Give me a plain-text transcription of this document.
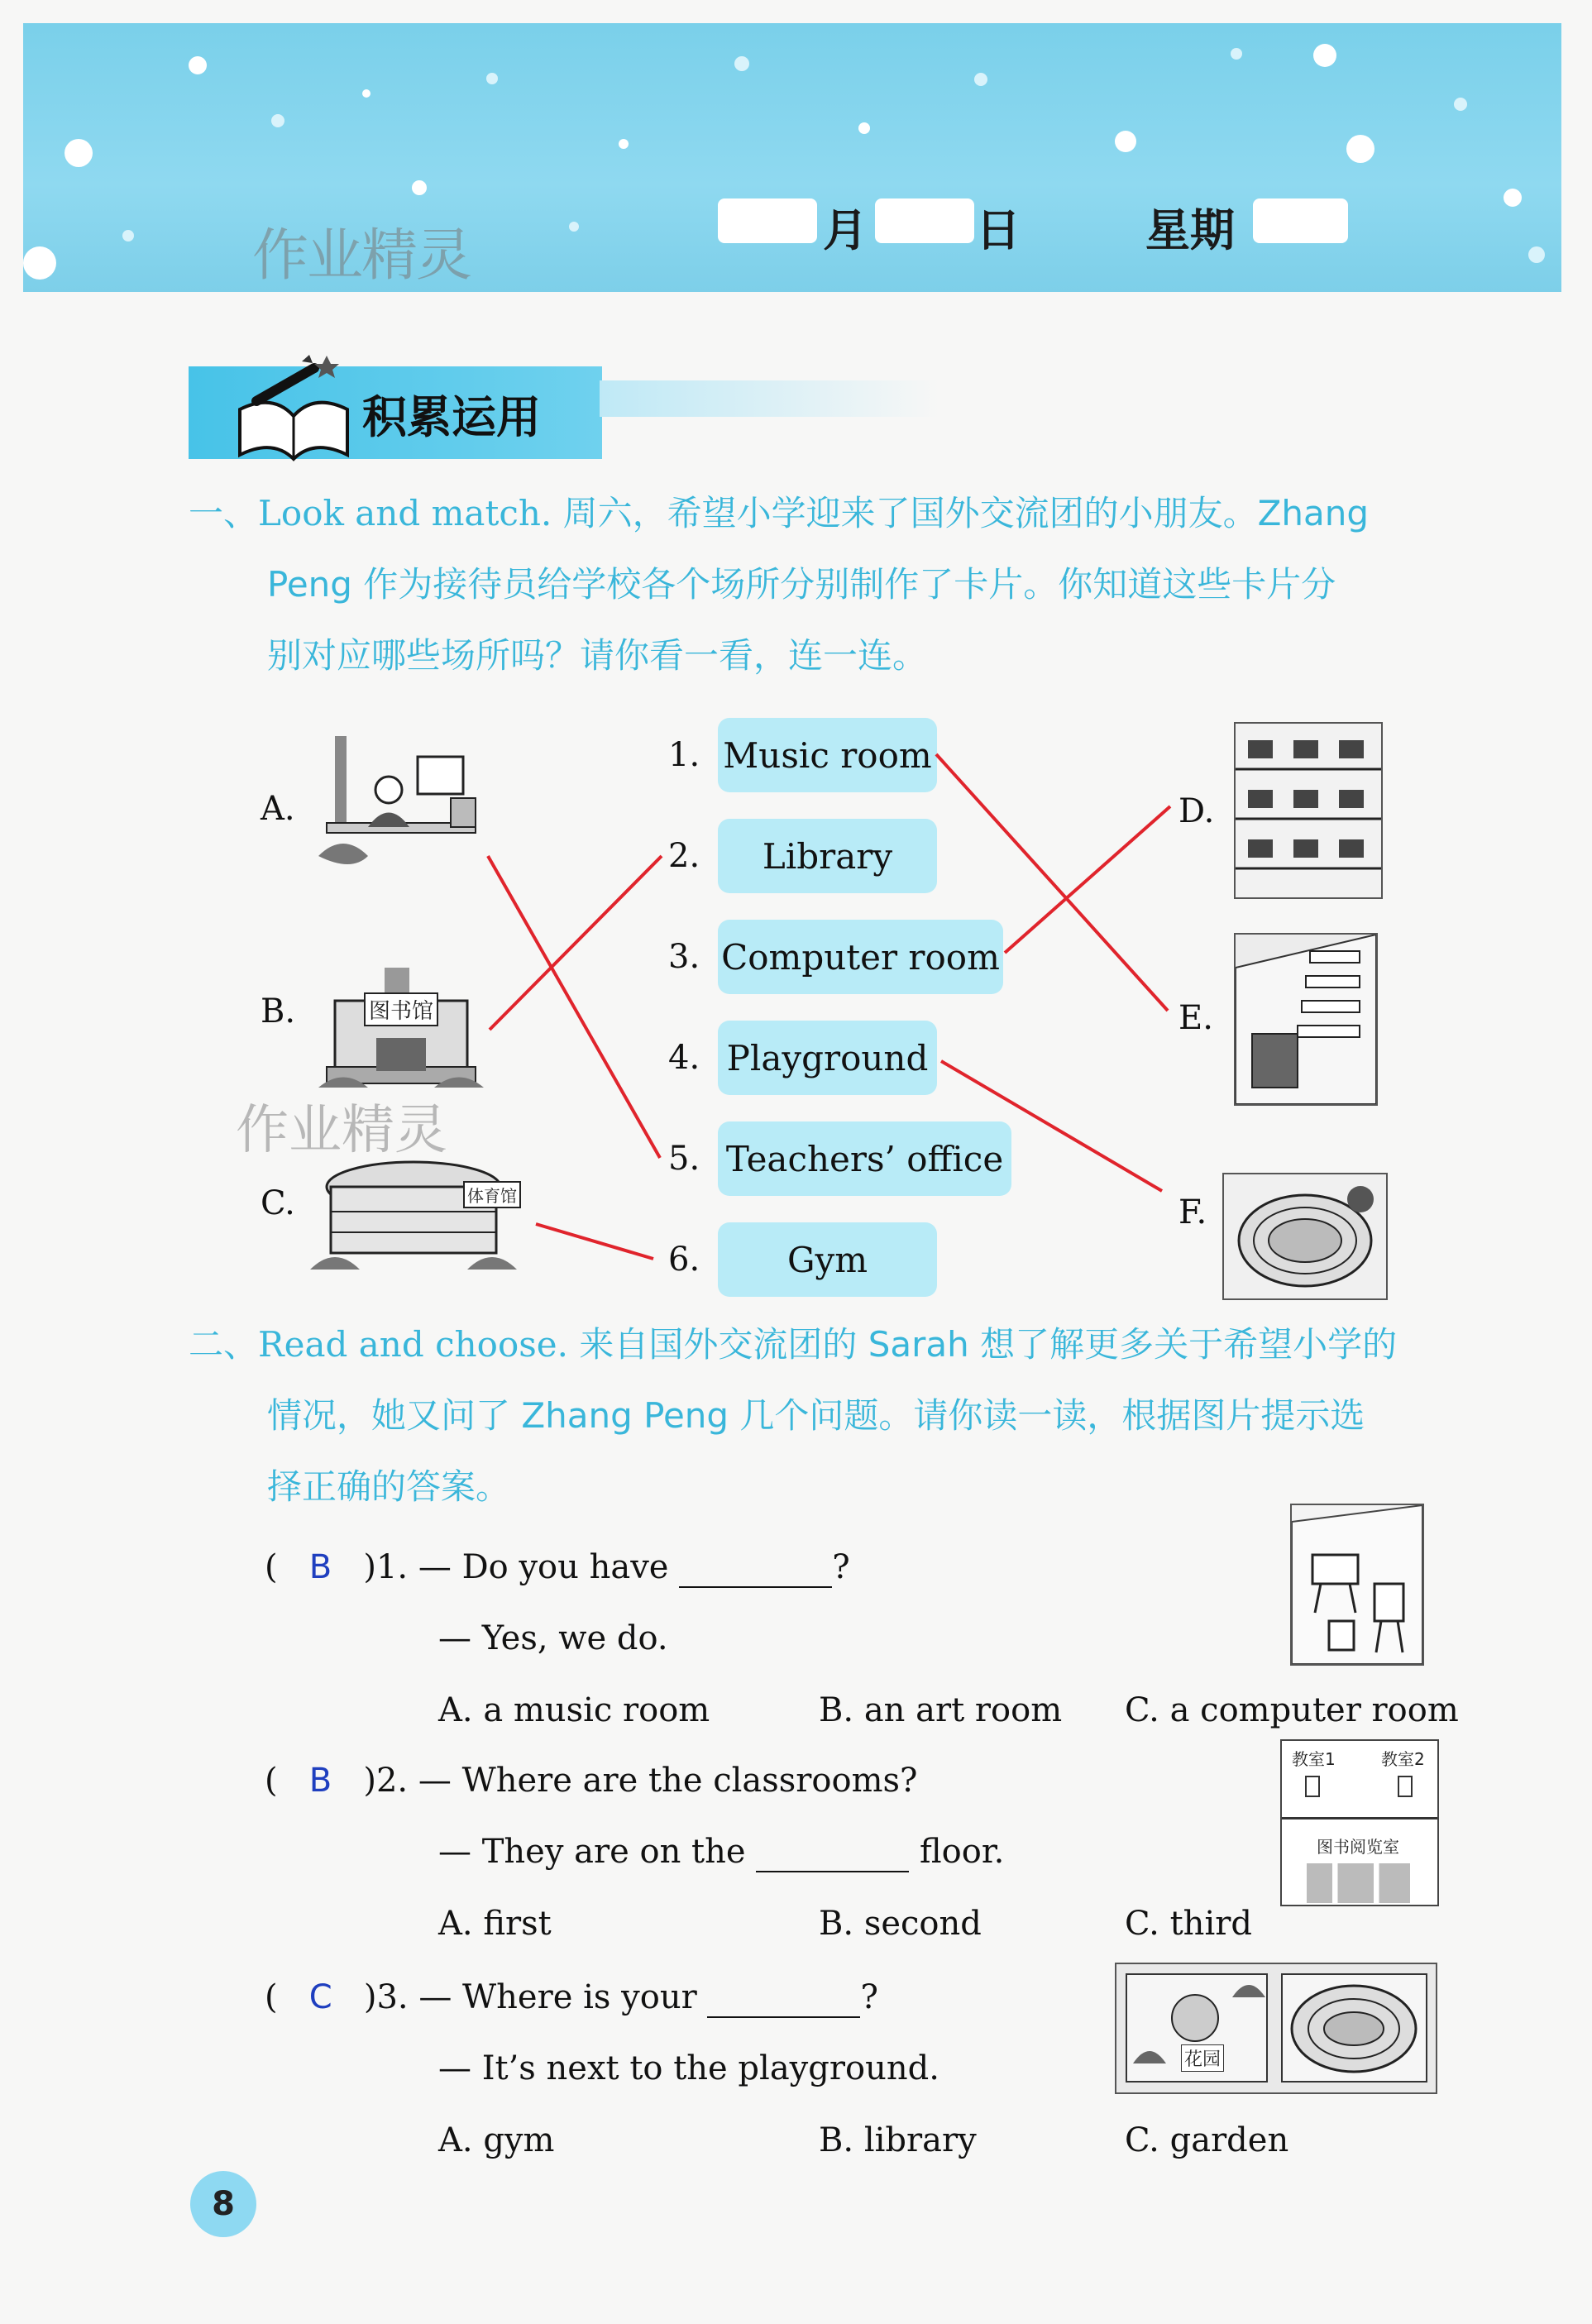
作业精灵	月 日	星期
积累运用
一、Look and match. 周六，希望小学迎来了国外交流团的小朋友。Zhang
Peng 作为接待员给学校各个场所分别制作了卡片。你知道这些卡片分
别对应哪些场所吗？请你看一看，连一连。
A.
B.
C.
图书馆
体育馆
作业精灵
1. Music room
2.	Library
3. Computer room
4. Playground
5. Teachers’ office
6.	Gym
D.
E.
F.
二、Read and choose. 来自国外交流团的 Sarah 想了解更多关于希望小学的
情况，她又问了 Zhang Peng 几个问题。请你读一读，根据图片提示选
择正确的答案。
(   B )1. — Do you have	?
— Yes, we do.
A. a music room	B. an art room C. a computer room
(   B )2. — Where are the classrooms?
— They are on the	floor.
A. first	B. second	C. third
教室1	教室2
图书阅览室
(   C )3. — Where is your	?
— It’s next to the playground.
A. gym	B. library	C. garden
花园
8
